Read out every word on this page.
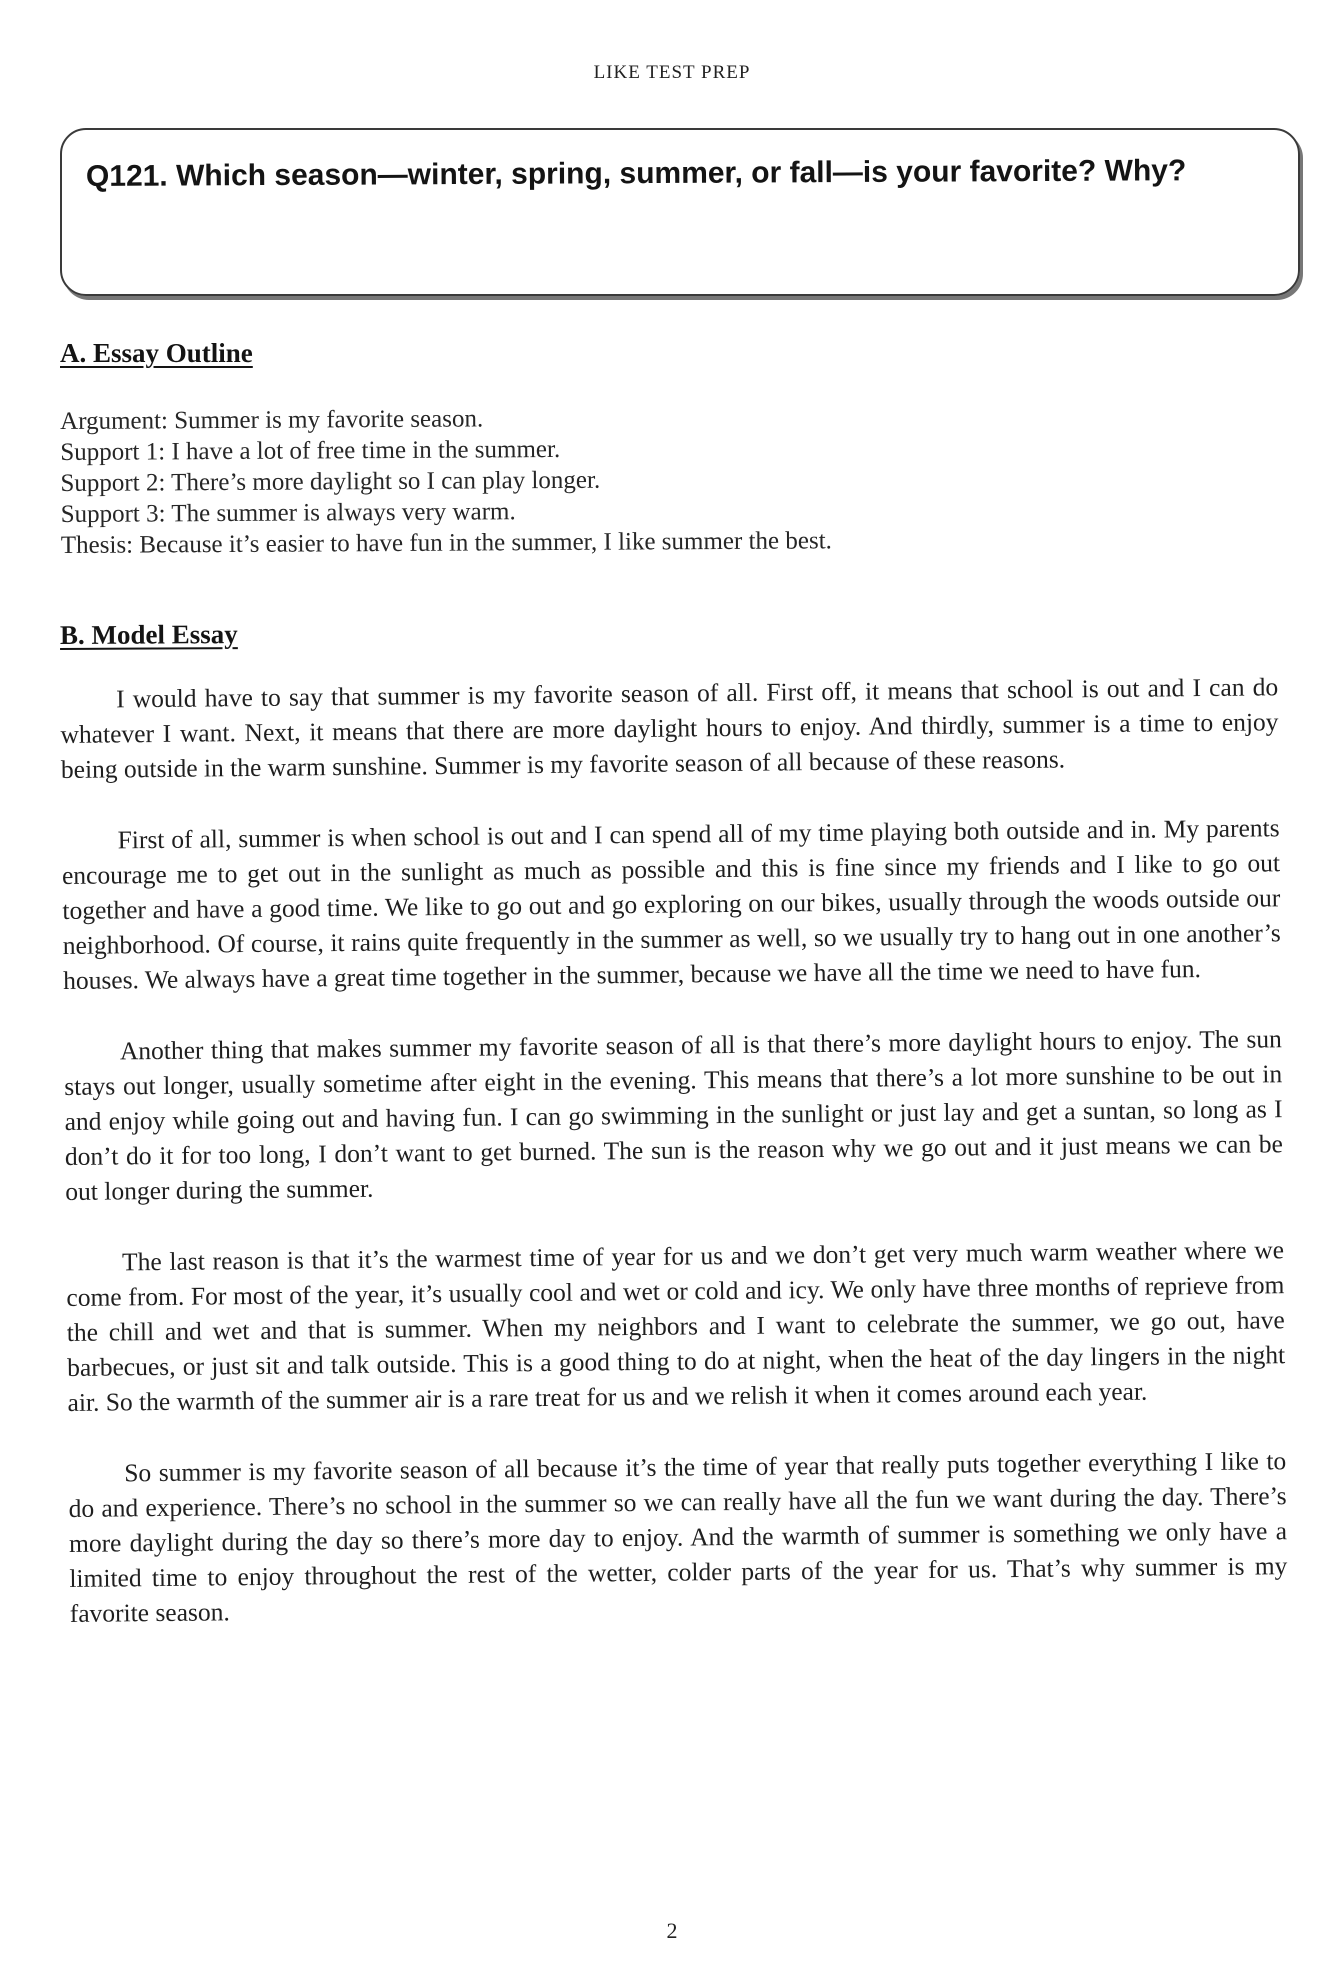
LIKE TEST PREP
Q121. Which season—winter, spring, summer, or fall—is your favorite? Why?
A. Essay Outline
Argument: Summer is my favorite season.
Support 1: I have a lot of free time in the summer.
Support 2: There’s more daylight so I can play longer.
Support 3: The summer is always very warm.
Thesis: Because it’s easier to have fun in the summer, I like summer the best.
B. Model Essay

I would have to say that summer is my favorite season of all. First off, it means that school is out and I can do whatever I want. Next, it means that there are more daylight hours to enjoy. And thirdly, summer is a time to enjoy being outside in the warm sunshine. Summer is my favorite season of all because of these reasons.

First of all, summer is when school is out and I can spend all of my time playing both outside and in. My parents encourage me to get out in the sunlight as much as possible and this is fine since my friends and I like to go out together and have a good time. We like to go out and go exploring on our bikes, usually through the woods outside our neighborhood. Of course, it rains quite frequently in the summer as well, so we usually try to hang out in one another’s houses. We always have a great time together in the summer, because we have all the time we need to have fun.

Another thing that makes summer my favorite season of all is that there’s more daylight hours to enjoy. The sun stays out longer, usually sometime after eight in the evening. This means that there’s a lot more sunshine to be out in and enjoy while going out and having fun. I can go swimming in the sunlight or just lay and get a suntan, so long as I don’t do it for too long, I don’t want to get burned. The sun is the reason why we go out and it just means we can be out longer during the summer.

The last reason is that it’s the warmest time of year for us and we don’t get very much warm weather where we come from. For most of the year, it’s usually cool and wet or cold and icy. We only have three months of reprieve from the chill and wet and that is summer. When my neighbors and I want to celebrate the summer, we go out, have barbecues, or just sit and talk outside. This is a good thing to do at night, when the heat of the day lingers in the night air. So the warmth of the summer air is a rare treat for us and we relish it when it comes around each year.

So summer is my favorite season of all because it’s the time of year that really puts together everything I like to do and experience. There’s no school in the summer so we can really have all the fun we want during the day. There’s more daylight during the day so there’s more day to enjoy. And the warmth of summer is something we only have a limited time to enjoy throughout the rest of the wetter, colder parts of the year for us. That’s why summer is my favorite season.

2
